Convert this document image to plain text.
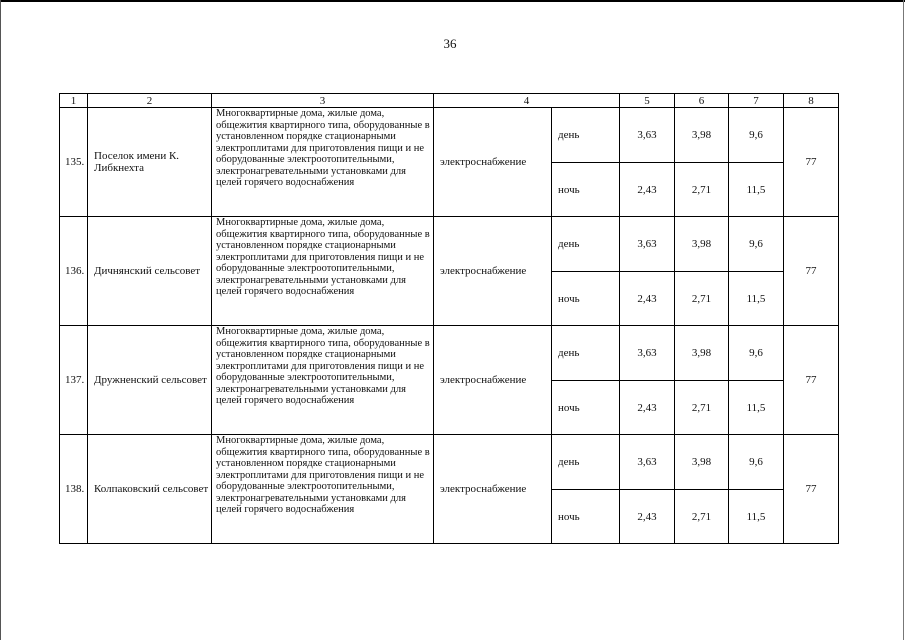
36
1	2	3	4		5	6	7	8
135.	Поселок имени К. Либкнехта	Многоквартирные дома, жилые дома, общежития квартирного типа, оборудованные в установленном порядке стационарными электроплитами для приготовления пищи и не оборудованные электроотопительными, электронагревательными установками для целей горячего водоснабжения	электроснабжение	день	3,63	3,98	9,6	77
				ночь	2,43	2,71	11,5	
136.	Дичнянский сельсовет	Многоквартирные дома, жилые дома, общежития квартирного типа, оборудованные в установленном порядке стационарными электроплитами для приготовления пищи и не оборудованные электроотопительными, электронагревательными установками для целей горячего водоснабжения	электроснабжение	день	3,63	3,98	9,6	77
				ночь	2,43	2,71	11,5	
137.	Дружненский сельсовет	Многоквартирные дома, жилые дома, общежития квартирного типа, оборудованные в установленном порядке стационарными электроплитами для приготовления пищи и не оборудованные электроотопительными, электронагревательными установками для целей горячего водоснабжения	электроснабжение	день	3,63	3,98	9,6	77
				ночь	2,43	2,71	11,5	
138.	Колпаковский сельсовет	Многоквартирные дома, жилые дома, общежития квартирного типа, оборудованные в установленном порядке стационарными электроплитами для приготовления пищи и не оборудованные электроотопительными, электронагревательными установками для целей горячего водоснабжения	электроснабжение	день	3,63	3,98	9,6	77
				ночь	2,43	2,71	11,5	
